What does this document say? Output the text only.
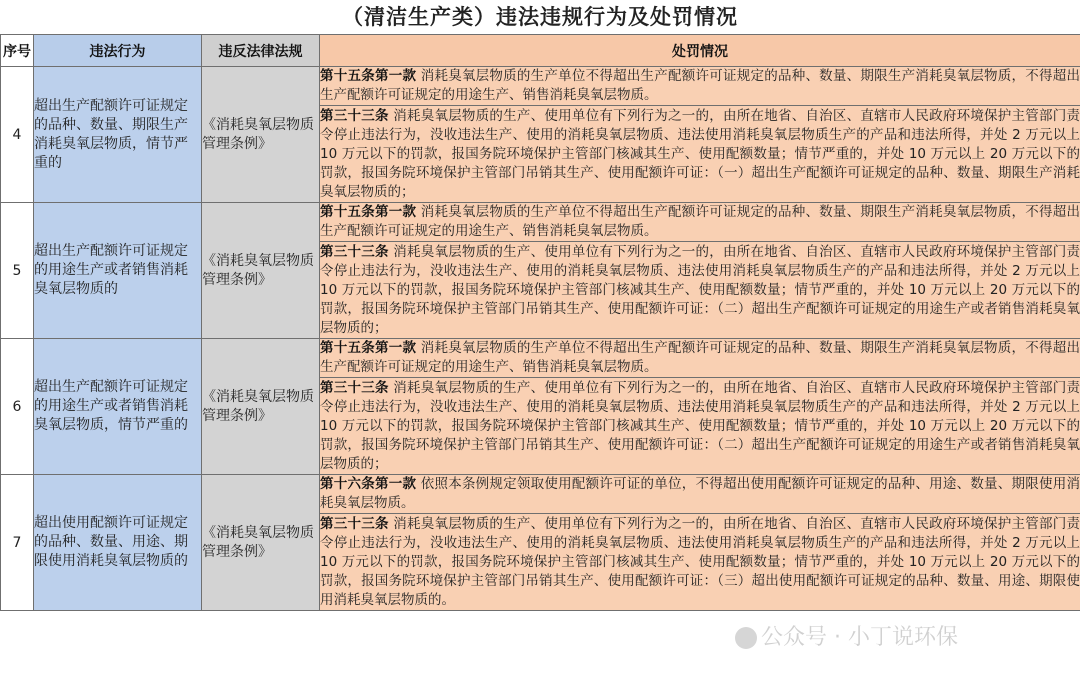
（清洁生产类）违法违规行为及处罚情况
序号	违法行为	违反法律法规	处罚情况
4	超出生产配额许可证规定的品种、数量、期限生产消耗臭氧层物质，情节严重的	《消耗臭氧层物质管理条例》	第十五条第一款 消耗臭氧层物质的生产单位不得超出生产配额许可证规定的品种、数量、期限生产消耗臭氧层物质，不得超出生产配额许可证规定的用途生产、销售消耗臭氧层物质。
			第三十三条 消耗臭氧层物质的生产、使用单位有下列行为之一的，由所在地省、自治区、直辖市人民政府环境保护主管部门责令停止违法行为，没收违法生产、使用的消耗臭氧层物质、违法使用消耗臭氧层物质生产的产品和违法所得，并处 2 万元以上 10 万元以下的罚款，报国务院环境保护主管部门核减其生产、使用配额数量；情节严重的，并处 10 万元以上 20 万元以下的罚款，报国务院环境保护主管部门吊销其生产、使用配额许可证：（一）超出生产配额许可证规定的品种、数量、期限生产消耗臭氧层物质的；
5	超出生产配额许可证规定的用途生产或者销售消耗臭氧层物质的	《消耗臭氧层物质管理条例》	第十五条第一款 消耗臭氧层物质的生产单位不得超出生产配额许可证规定的品种、数量、期限生产消耗臭氧层物质，不得超出生产配额许可证规定的用途生产、销售消耗臭氧层物质。
			第三十三条 消耗臭氧层物质的生产、使用单位有下列行为之一的，由所在地省、自治区、直辖市人民政府环境保护主管部门责令停止违法行为，没收违法生产、使用的消耗臭氧层物质、违法使用消耗臭氧层物质生产的产品和违法所得，并处 2 万元以上 10 万元以下的罚款，报国务院环境保护主管部门核减其生产、使用配额数量；情节严重的，并处 10 万元以上 20 万元以下的罚款，报国务院环境保护主管部门吊销其生产、使用配额许可证：（二）超出生产配额许可证规定的用途生产或者销售消耗臭氧层物质的；
6	超出生产配额许可证规定的用途生产或者销售消耗臭氧层物质，情节严重的	《消耗臭氧层物质管理条例》	第十五条第一款 消耗臭氧层物质的生产单位不得超出生产配额许可证规定的品种、数量、期限生产消耗臭氧层物质，不得超出生产配额许可证规定的用途生产、销售消耗臭氧层物质。
			第三十三条 消耗臭氧层物质的生产、使用单位有下列行为之一的，由所在地省、自治区、直辖市人民政府环境保护主管部门责令停止违法行为，没收违法生产、使用的消耗臭氧层物质、违法使用消耗臭氧层物质生产的产品和违法所得，并处 2 万元以上 10 万元以下的罚款，报国务院环境保护主管部门核减其生产、使用配额数量；情节严重的，并处 10 万元以上 20 万元以下的罚款，报国务院环境保护主管部门吊销其生产、使用配额许可证：（二）超出生产配额许可证规定的用途生产或者销售消耗臭氧层物质的；
7	超出使用配额许可证规定的品种、数量、用途、期限使用消耗臭氧层物质的	《消耗臭氧层物质管理条例》	第十六条第一款 依照本条例规定领取使用配额许可证的单位，不得超出使用配额许可证规定的品种、用途、数量、期限使用消耗臭氧层物质。
			第三十三条 消耗臭氧层物质的生产、使用单位有下列行为之一的，由所在地省、自治区、直辖市人民政府环境保护主管部门责令停止违法行为，没收违法生产、使用的消耗臭氧层物质、违法使用消耗臭氧层物质生产的产品和违法所得，并处 2 万元以上 10 万元以下的罚款，报国务院环境保护主管部门核减其生产、使用配额数量；情节严重的，并处 10 万元以上 20 万元以下的罚款，报国务院环境保护主管部门吊销其生产、使用配额许可证：（三）超出使用配额许可证规定的品种、数量、用途、期限使用消耗臭氧层物质的。
公众号 · 小丁说环保
